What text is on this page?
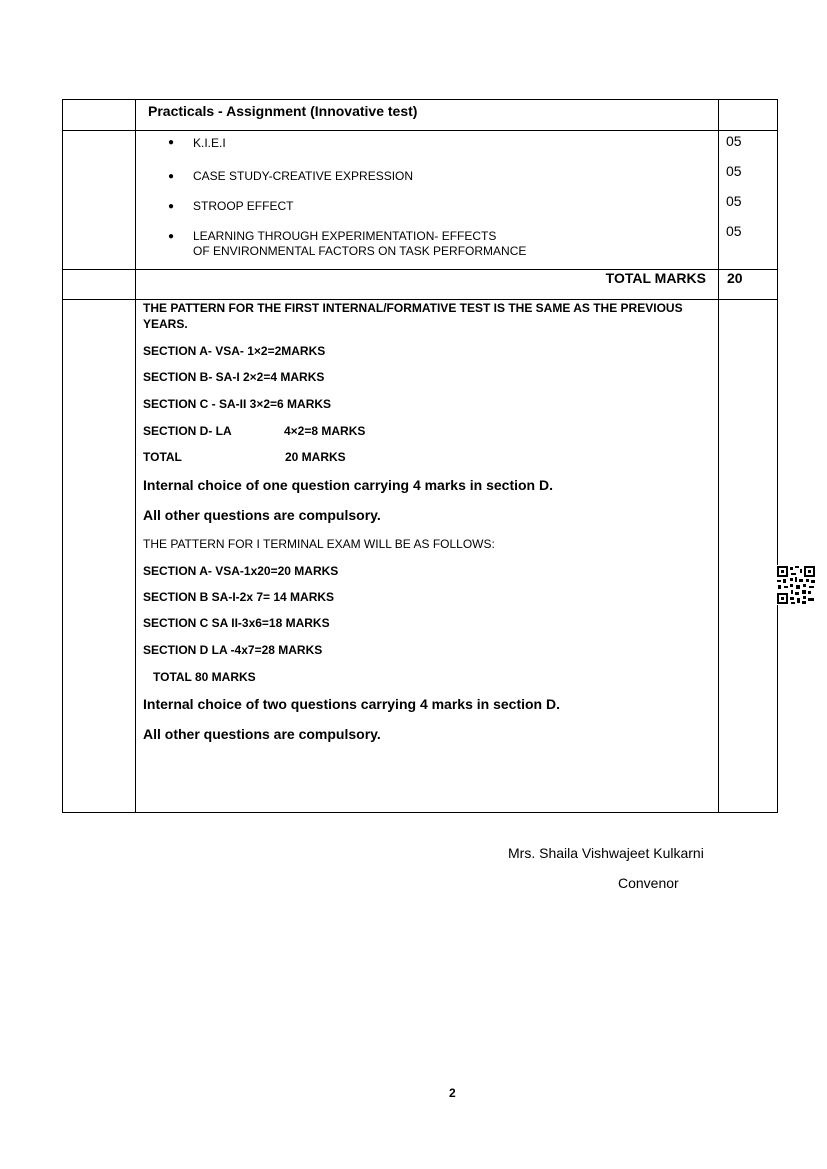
Practicals - Assignment (Innovative test)
● K.I.E.I	05
● CASE STUDY-CREATIVE EXPRESSION	05
● STROOP EFFECT	05
● LEARNING THROUGH EXPERIMENTATION- EFFECTS
OF ENVIRONMENTAL FACTORS ON TASK PERFORMANCE
05
TOTAL MARKS 20
THE PATTERN FOR THE FIRST INTERNAL/FORMATIVE TEST IS THE SAME AS THE PREVIOUS
YEARS.
SECTION A- VSA- 1×2=2MARKS
SECTION B- SA-I 2×2=4 MARKS
SECTION C - SA-II 3×2=6 MARKS
SECTION D- LA	4×2=8 MARKS
TOTAL	20 MARKS
Internal choice of one question carrying 4 marks in section D.
All other questions are compulsory.
THE PATTERN FOR I TERMINAL EXAM WILL BE AS FOLLOWS:
SECTION A- VSA-1x20=20 MARKS
SECTION B SA-I-2x 7= 14 MARKS
SECTION C SA II-3x6=18 MARKS
SECTION D LA -4x7=28 MARKS
TOTAL 80 MARKS
Internal choice of two questions carrying 4 marks in section D.
All other questions are compulsory.
Mrs. Shaila Vishwajeet Kulkarni
Convenor
2
